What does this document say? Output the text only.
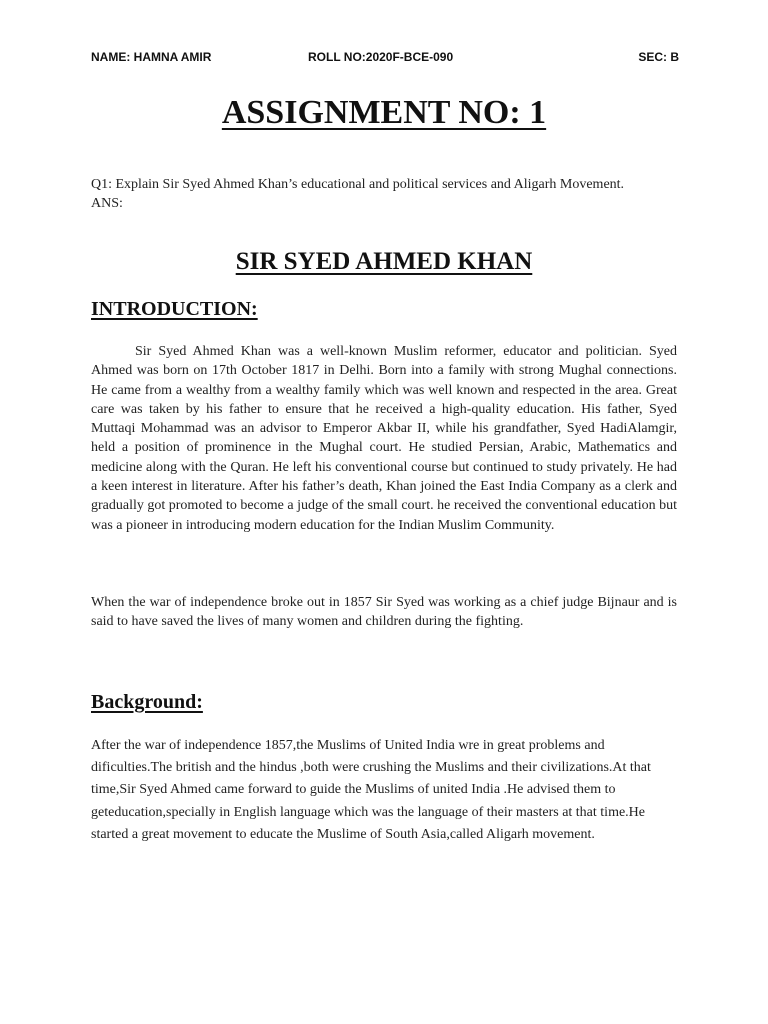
NAME: HAMNA AMIR	ROLL NO:2020F-BCE-090	SEC: B
ASSIGNMENT NO: 1
Q1: Explain Sir Syed Ahmed Khan’s educational and political services and Aligarh Movement.
ANS:
SIR SYED AHMED KHAN
INTRODUCTION:
Sir Syed Ahmed Khan was a well-known Muslim reformer, educator and politician. Syed Ahmed was born on 17th October 1817 in Delhi. Born into a family with strong Mughal connections. He came from a wealthy from a wealthy family which was well known and respected in the area. Great care was taken by his father to ensure that he received a high-quality education. His father, Syed Muttaqi Mohammad was an advisor to Emperor Akbar II, while his grandfather, Syed HadiAlamgir, held a position of prominence in the Mughal court. He studied Persian, Arabic, Mathematics and medicine along with the Quran. He left his conventional course but continued to study privately. He had a keen interest in literature. After his father’s death, Khan joined the East India Company as a clerk and gradually got promoted to become a judge of the small court. he received the conventional education but was a pioneer in introducing modern education for the Indian Muslim Community.
When the war of independence broke out in 1857 Sir Syed was working as a chief judge Bijnaur and is said to have saved the lives of many women and children during the fighting.
Background:
After the war of independence 1857,the Muslims of United India wre in great problems and dificulties.The british and the hindus ,both were crushing the Muslims and their civilizations.At that time,Sir Syed Ahmed came forward to guide the Muslims of united India .He advised them to geteducation,specially in English language which was the language of their masters at that time.He started a great movement to educate the Muslime of South Asia,called Aligarh movement.
